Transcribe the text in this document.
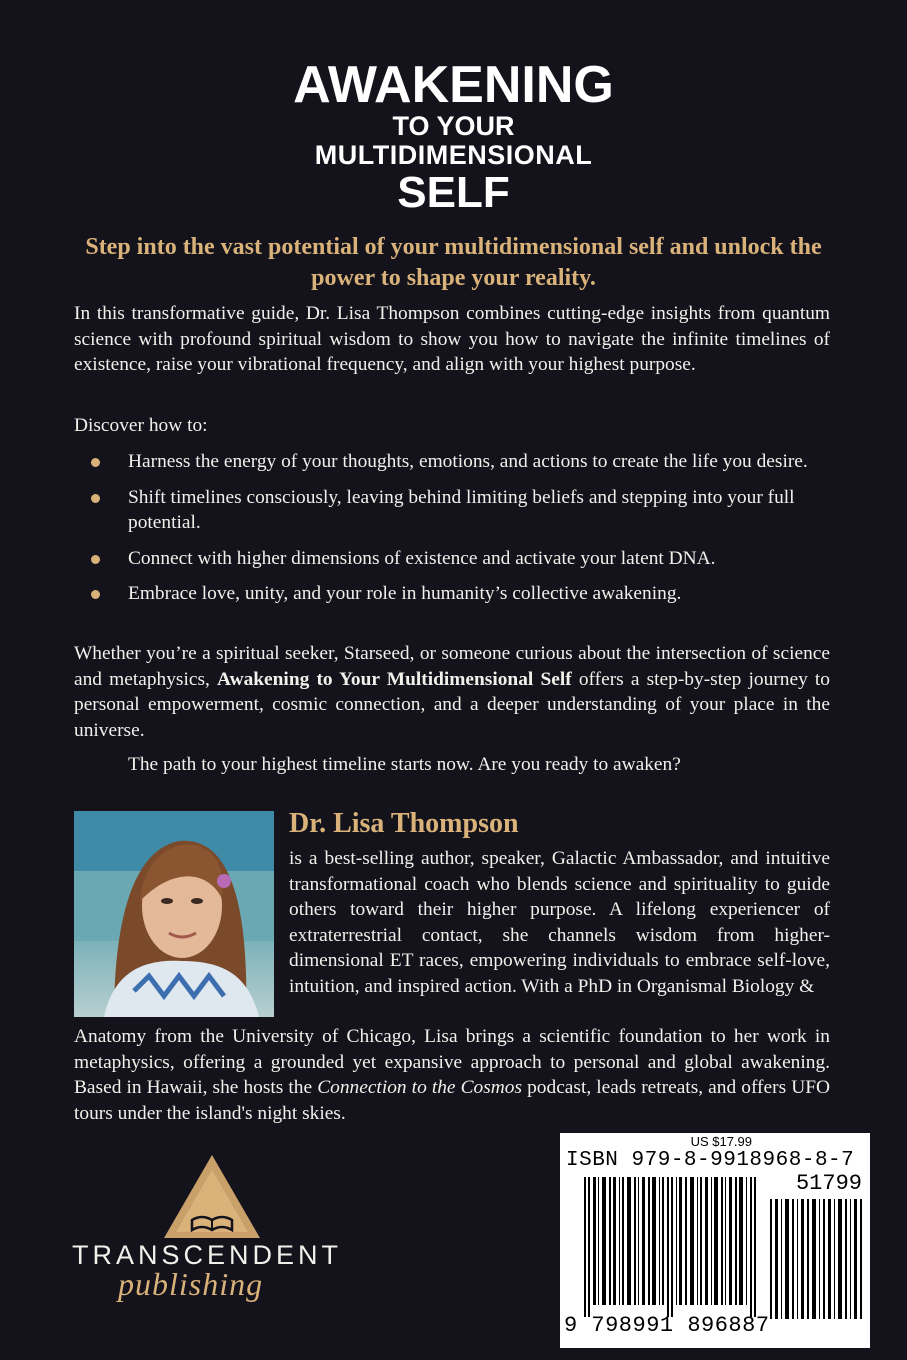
AWAKENING
TO YOUR
MULTIDIMENSIONAL
SELF
Step into the vast potential of your multidimensional self and unlock the power to shape your reality.
In this transformative guide, Dr. Lisa Thompson combines cutting-edge insights from quantum science with profound spiritual wisdom to show you how to navigate the infinite timelines of existence, raise your vibrational frequency, and align with your highest purpose.
Discover how to:
Harness the energy of your thoughts, emotions, and actions to create the life you desire.
Shift timelines consciously, leaving behind limiting beliefs and stepping into your full potential.
Connect with higher dimensions of existence and activate your latent DNA.
Embrace love, unity, and your role in humanity’s collective awakening.
Whether you’re a spiritual seeker, Starseed, or someone curious about the intersection of science and metaphysics, Awakening to Your Multidimensional Self offers a step-by-step journey to personal empowerment, cosmic connection, and a deeper understanding of your place in the universe.
The path to your highest timeline starts now. Are you ready to awaken?
Dr. Lisa Thompson
is a best-selling author, speaker, Galactic Ambassador, and intuitive transformational coach who blends science and spirituality to guide others toward their higher purpose. A lifelong experiencer of extraterrestrial contact, she channels wisdom from higher-dimensional ET races, empowering individuals to embrace self-love, intuition, and inspired action. With a PhD in Organismal Biology &
Anatomy from the University of Chicago, Lisa brings a scientific foundation to her work in metaphysics, offering a grounded yet expansive approach to personal and global awakening. Based in Hawaii, she hosts the Connection to the Cosmos podcast, leads retreats, and offers UFO tours under the island's night skies.
TRANSCENDENT
publishing
US $17.99
ISBN 979-8-9918968-8-7
51799
9 798991 896887
